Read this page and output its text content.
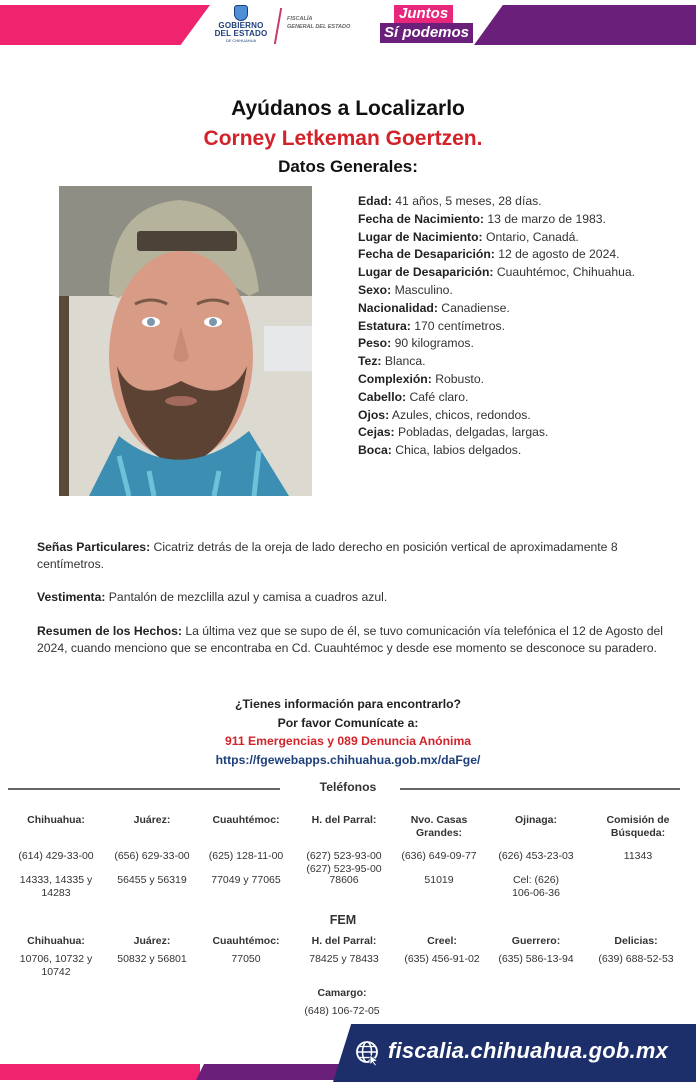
GOBIERNO
DEL ESTADO
DE CHIHUAHUA
FISCALÍA
GENERAL DEL ESTADO
Juntos
Sí podemos
Ayúdanos a Localizarlo
Corney Letkeman Goertzen.
Datos Generales:
Edad: 41 años, 5 meses, 28 días.
Fecha de Nacimiento: 13 de marzo de 1983.
Lugar de Nacimiento: Ontario, Canadá.
Fecha de Desaparición: 12 de agosto de 2024.
Lugar de Desaparición: Cuauhtémoc, Chihuahua.
Sexo: Masculino.
Nacionalidad: Canadiense.
Estatura: 170 centímetros.
Peso: 90 kilogramos.
Tez: Blanca.
Complexión: Robusto.
Cabello: Café claro.
Ojos: Azules, chicos, redondos.
Cejas: Pobladas, delgadas, largas.
Boca: Chica, labios delgados.
Señas Particulares: Cicatriz detrás de la oreja de lado derecho en posición vertical de aproximadamente 8 centímetros.
Vestimenta: Pantalón de mezclilla azul y camisa a cuadros azul.
Resumen de los Hechos: La última vez que se supo de él, se tuvo comunicación vía telefónica el 12 de Agosto del 2024, cuando menciono que se encontraba en Cd. Cuauhtémoc y desde ese momento se desconoce su paradero.
¿Tienes información para encontrarlo?
Por favor Comunícate a:
911 Emergencias y 089 Denuncia Anónima
https://fgewebapps.chihuahua.gob.mx/daFge/
Teléfonos
Chihuahua:
(614) 429-33-00
14333, 14335 y 14283
Juárez:
(656) 629-33-00
56455 y 56319
Cuauhtémoc:
(625) 128-11-00
77049 y 77065
H. del Parral:
(627) 523-93-00
(627) 523-95-00
78606
Nvo. Casas Grandes:
(636) 649-09-77
51019
Ojinaga:
(626) 453-23-03
Cel: (626) 106-06-36
Comisión de Búsqueda:
11343
FEM
Chihuahua:
10706, 10732 y 10742
Juárez:
50832 y 56801
Cuauhtémoc:
77050
H. del Parral:
78425 y 78433
Creel:
(635) 456-91-02
Guerrero:
(635) 586-13-94
Delicias:
(639) 688-52-53
Camargo:
(648) 106-72-05
fiscalia.chihuahua.gob.mx
